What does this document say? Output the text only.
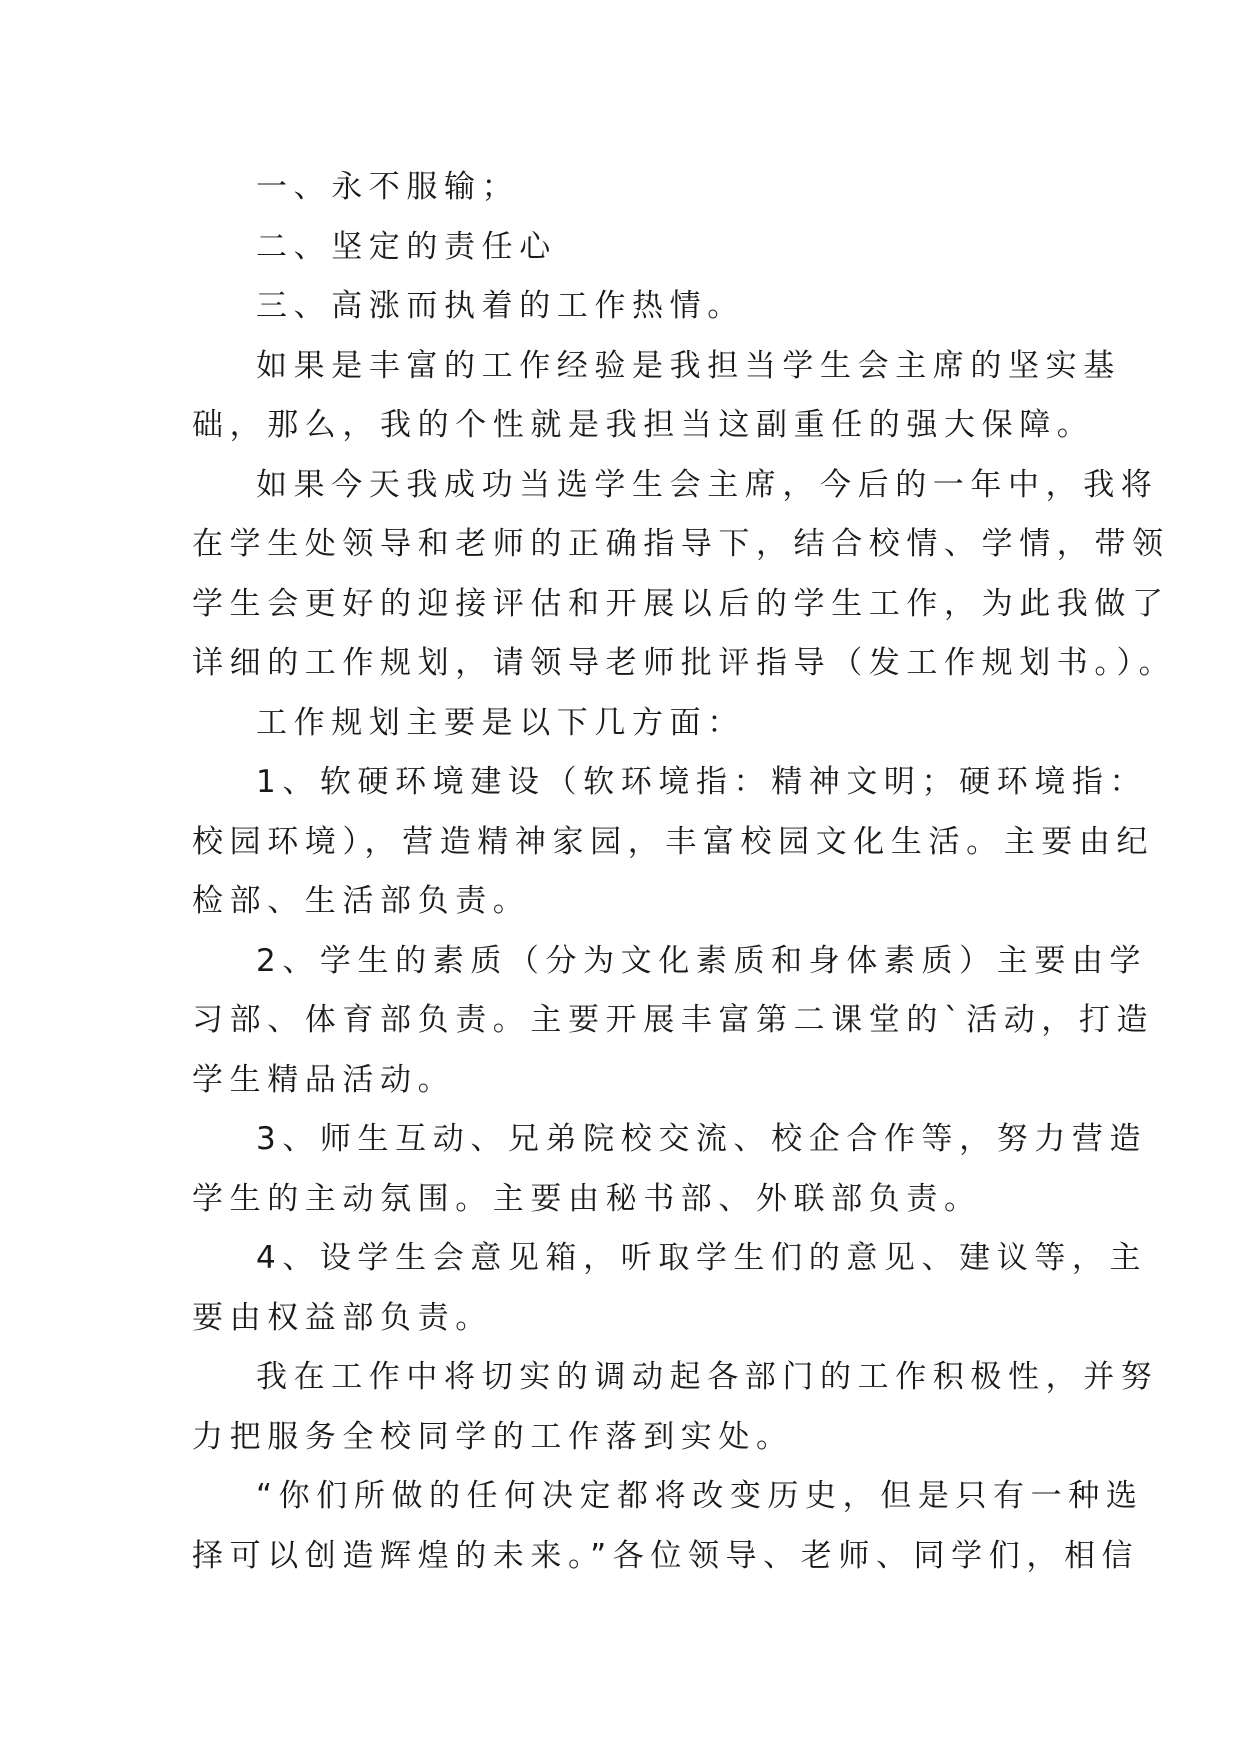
一、永不服输；
二、坚定的责任心
三、高涨而执着的工作热情。
如果是丰富的工作经验是我担当学生会主席的坚实基
础，那么，我的个性就是我担当这副重任的强大保障。
如果今天我成功当选学生会主席，今后的一年中，我将
在学生处领导和老师的正确指导下，结合校情、学情，带领
学生会更好的迎接评估和开展以后的学生工作，为此我做了
详细的工作规划，请领导老师批评指导（发工作规划书。）。
工作规划主要是以下几方面：
1、软硬环境建设（软环境指：精神文明；硬环境指：
校园环境），营造精神家园，丰富校园文化生活。主要由纪
检部、生活部负责。
2、学生的素质（分为文化素质和身体素质）主要由学
习部、体育部负责。主要开展丰富第二课堂的`活动，打造
学生精品活动。
3、师生互动、兄弟院校交流、校企合作等，努力营造
学生的主动氛围。主要由秘书部、外联部负责。
4、设学生会意见箱，听取学生们的意见、建议等，主
要由权益部负责。
我在工作中将切实的调动起各部门的工作积极性，并努
力把服务全校同学的工作落到实处。
“你们所做的任何决定都将改变历史，但是只有一种选
择可以创造辉煌的未来。”各位领导、老师、同学们，相信
